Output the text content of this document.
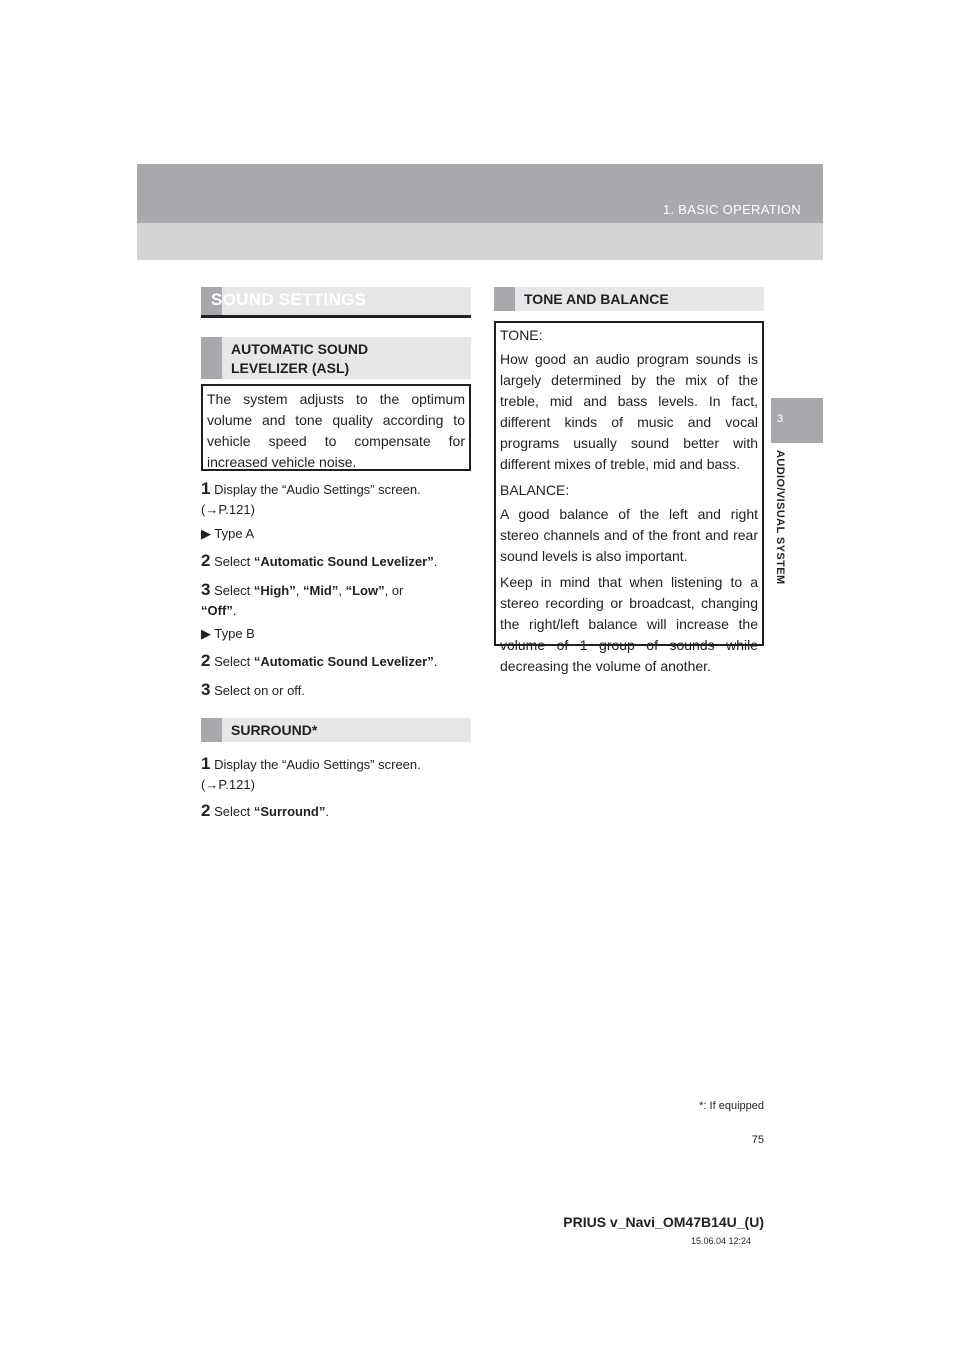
1. BASIC OPERATION
3
AUDIO/VISUAL SYSTEM
SOUND SETTINGS
AUTOMATIC SOUND
LEVELIZER (ASL)

The system adjusts to the optimum volume and tone quality according to vehicle speed to compensate for increased vehicle noise.

1 Display the “Audio Settings” screen.
(→P.121)
▶ Type A
2 Select “Automatic Sound Levelizer”.
3 Select “High”, “Mid”, “Low”, or
“Off”.
▶ Type B
2 Select “Automatic Sound Levelizer”.
3 Select on or off.
SURROUND*
1 Display the “Audio Settings” screen.
(→P.121)
2 Select “Surround”.
TONE AND BALANCE

TONE:

How good an audio program sounds is largely determined by the mix of the treble, mid and bass levels. In fact, different kinds of music and vocal programs usually sound better with different mixes of treble, mid and bass.

BALANCE:

A good balance of the left and right stereo channels and of the front and rear sound levels is also important.

Keep in mind that when listening to a stereo recording or broadcast, changing the right/left balance will increase the volume of 1 group of sounds while decreasing the volume of another.

*: If equipped
75
PRIUS v_Navi_OM47B14U_(U)
15.06.04 12:24
